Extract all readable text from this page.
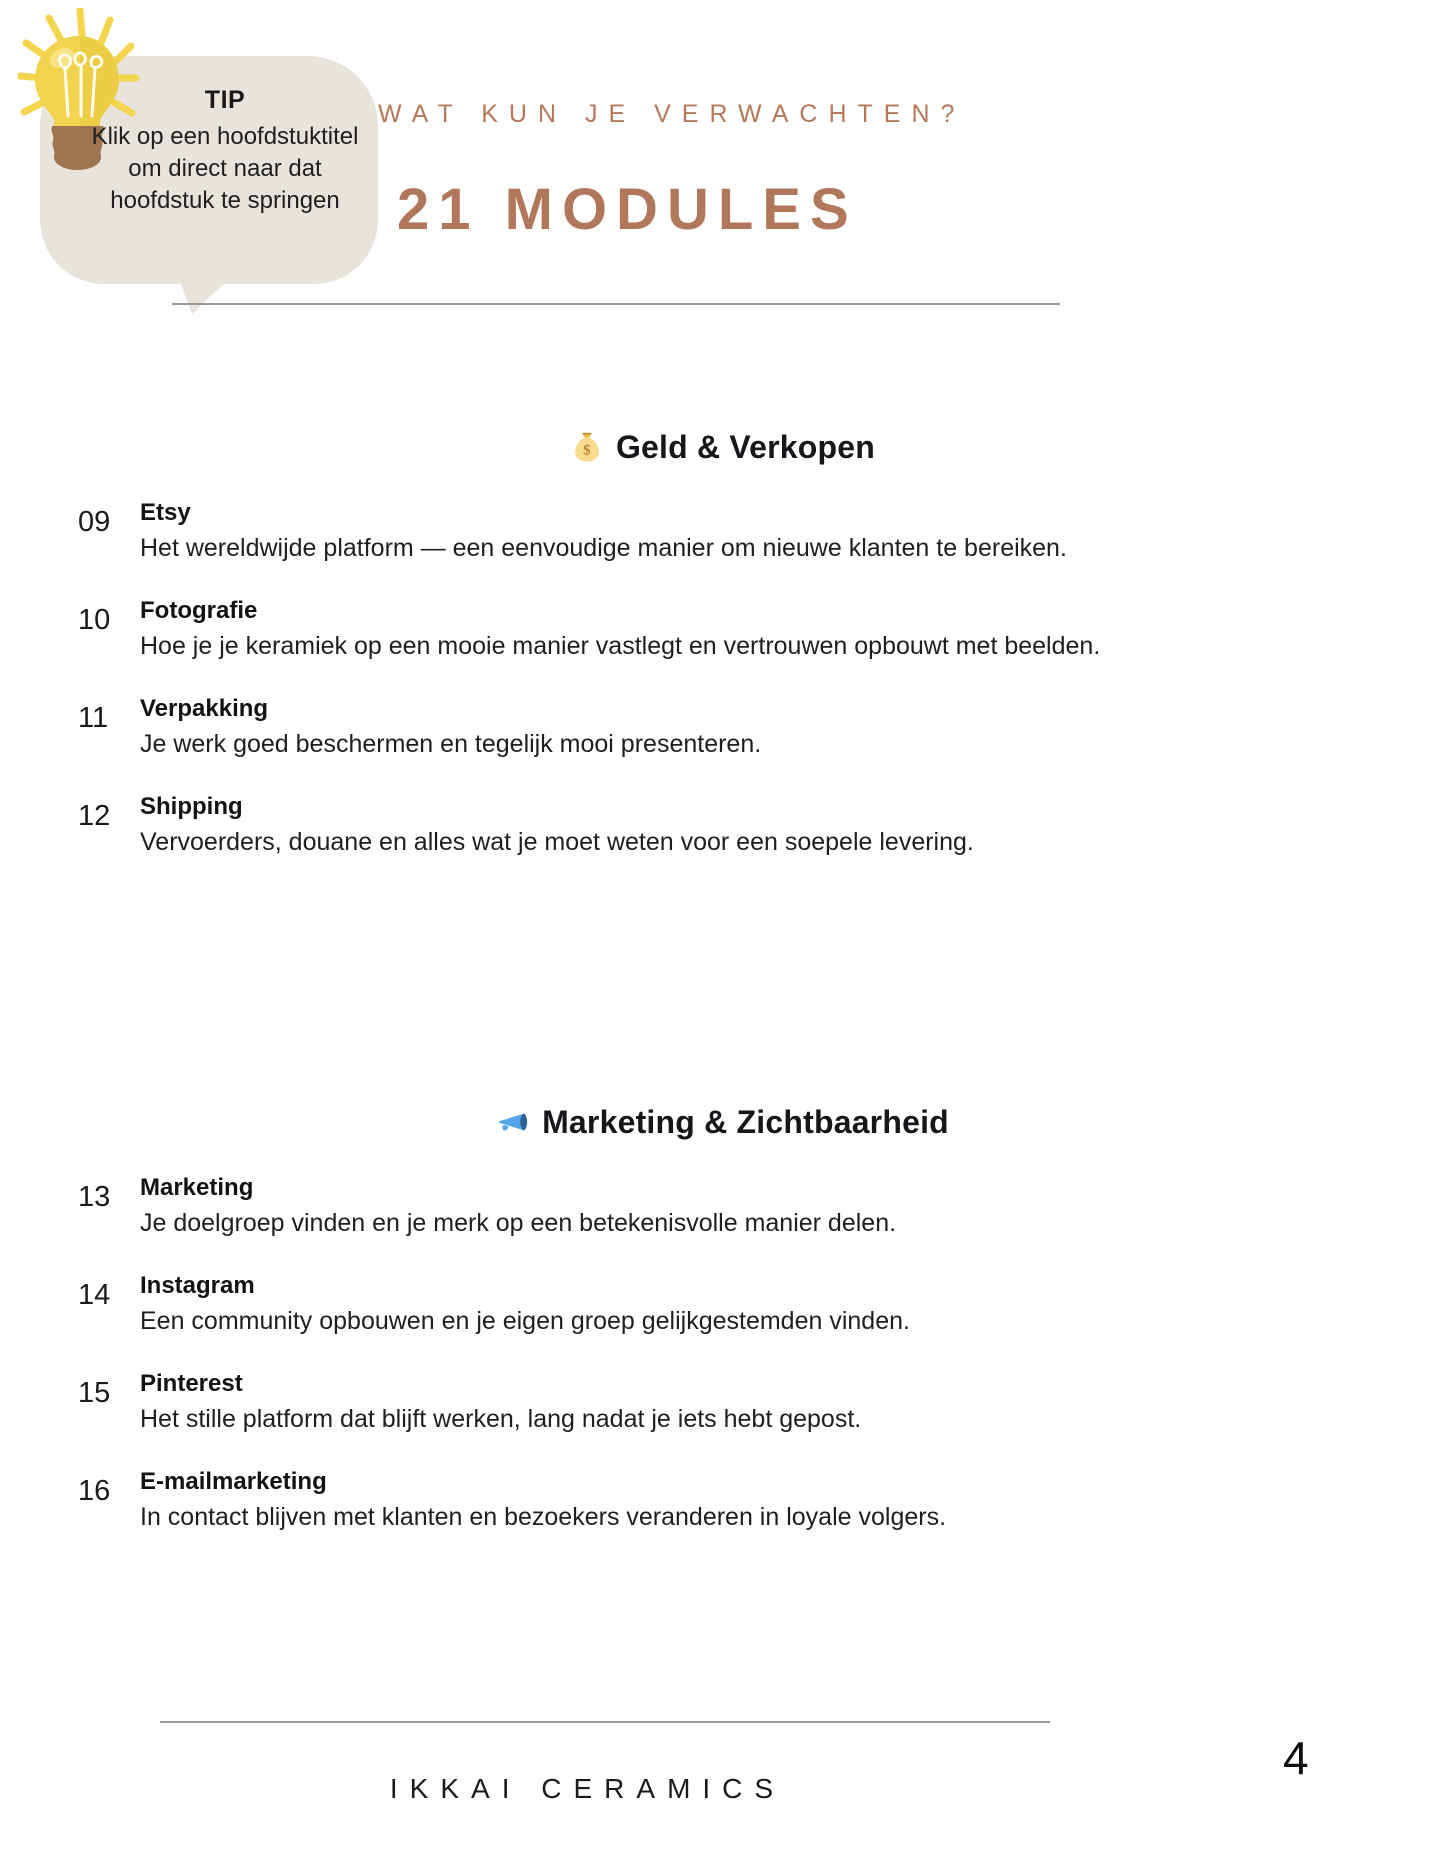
TIP
Klik op een hoofdstuktitel om direct naar dat hoofdstuk te springen
WAT KUN JE VERWACHTEN?
21 MODULES
$ Geld & Verkopen
09	Etsy
Het wereldwijde platform — een eenvoudige manier om nieuwe klanten te bereiken.
10	Fotografie
Hoe je je keramiek op een mooie manier vastlegt en vertrouwen opbouwt met beelden.
11	Verpakking
Je werk goed beschermen en tegelijk mooi presenteren.
12	Shipping
Vervoerders, douane en alles wat je moet weten voor een soepele levering.
Marketing & Zichtbaarheid
13	Marketing
Je doelgroep vinden en je merk op een betekenisvolle manier delen.
14	Instagram
Een community opbouwen en je eigen groep gelijkgestemden vinden.
15	Pinterest
Het stille platform dat blijft werken, lang nadat je iets hebt gepost.
16	E-mailmarketing
In contact blijven met klanten en bezoekers veranderen in loyale volgers.
IKKAI CERAMICS
4
